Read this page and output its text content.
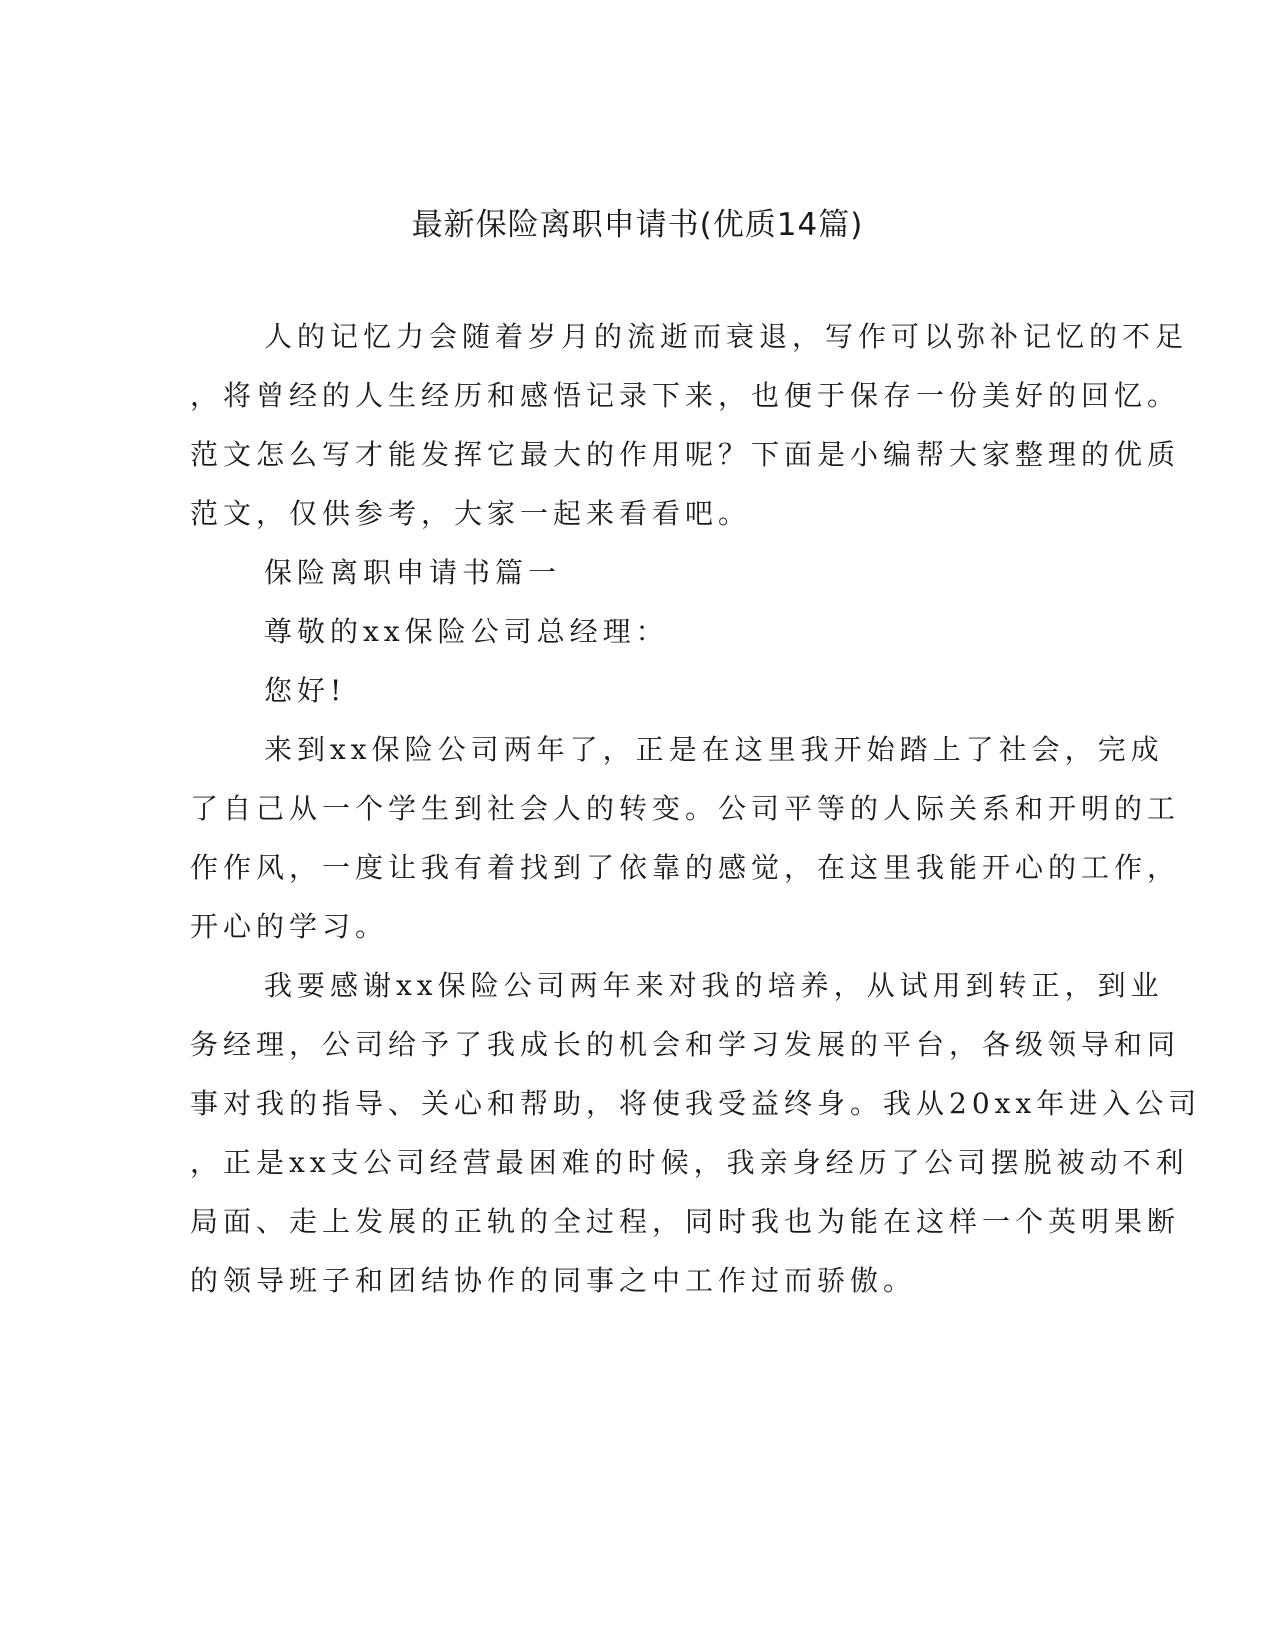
最新保险离职申请书(优质14篇)

人的记忆力会随着岁月的流逝而衰退，写作可以弥补记忆的不足

，将曾经的人生经历和感悟记录下来，也便于保存一份美好的回忆。

范文怎么写才能发挥它最大的作用呢？下面是小编帮大家整理的优质

范文，仅供参考，大家一起来看看吧。

保险离职申请书篇一

尊敬的xx保险公司总经理：

您好!

来到xx保险公司两年了，正是在这里我开始踏上了社会，完成

了自己从一个学生到社会人的转变。公司平等的人际关系和开明的工

作作风，一度让我有着找到了依靠的感觉，在这里我能开心的工作，

开心的学习。

我要感谢xx保险公司两年来对我的培养，从试用到转正，到业

务经理，公司给予了我成长的机会和学习发展的平台，各级领导和同

事对我的指导、关心和帮助，将使我受益终身。我从20xx年进入公司

，正是xx支公司经营最困难的时候，我亲身经历了公司摆脱被动不利

局面、走上发展的正轨的全过程，同时我也为能在这样一个英明果断

的领导班子和团结协作的同事之中工作过而骄傲。
